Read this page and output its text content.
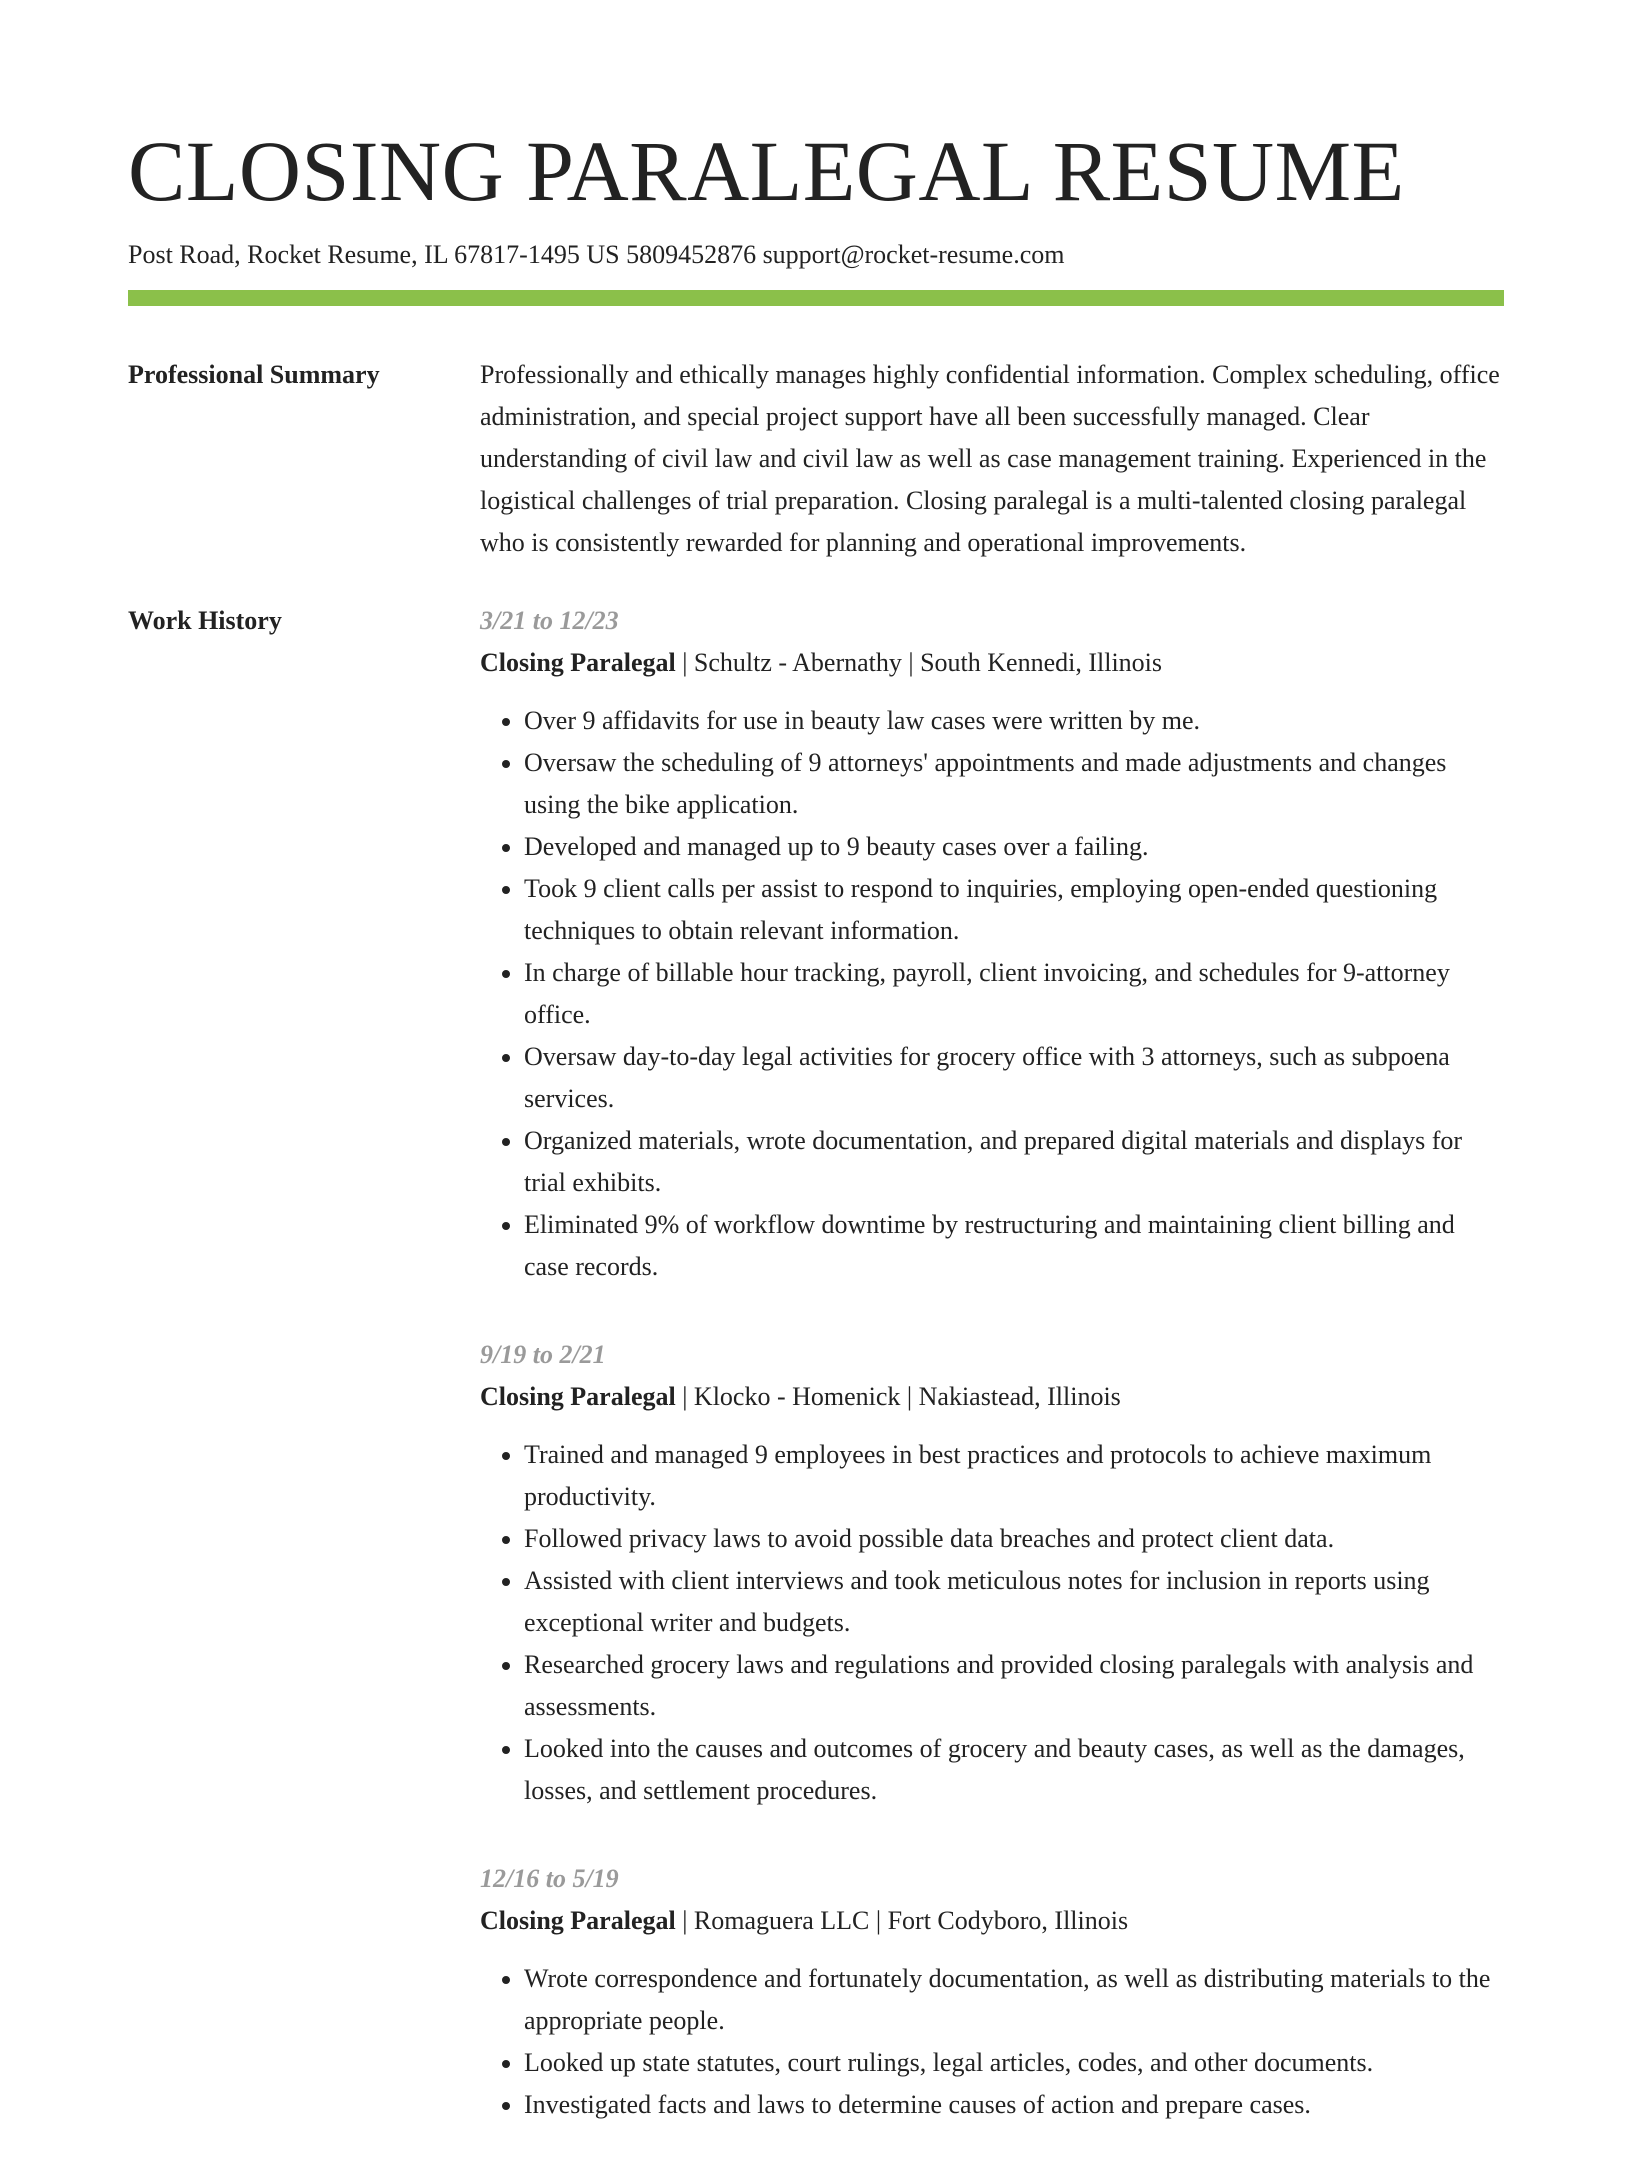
CLOSING PARALEGAL RESUME
Post Road, Rocket Resume, IL 67817-1495 US 5809452876 support@rocket-resume.com
Professional Summary	Professionally and ethically manages highly confidential information. Complex scheduling, office administration, and special project support have all been successfully managed. Clear understanding of civil law and civil law as well as case management training. Experienced in the logistical challenges of trial preparation. Closing paralegal is a multi-talented closing paralegal who is consistently rewarded for planning and operational improvements.

Work History	3/21 to 12/23
Closing Paralegal | Schultz - Abernathy | South Kennedi, Illinois
• Over 9 affidavits for use in beauty law cases were written by me.
• Oversaw the scheduling of 9 attorneys' appointments and made adjustments and changes using the bike application.
• Developed and managed up to 9 beauty cases over a failing.
• Took 9 client calls per assist to respond to inquiries, employing open-ended questioning techniques to obtain relevant information.
• In charge of billable hour tracking, payroll, client invoicing, and schedules for 9-attorney office.
• Oversaw day-to-day legal activities for grocery office with 3 attorneys, such as subpoena services.
• Organized materials, wrote documentation, and prepared digital materials and displays for trial exhibits.
• Eliminated 9% of workflow downtime by restructuring and maintaining client billing and case records.
9/19 to 2/21
Closing Paralegal | Klocko - Homenick | Nakiastead, Illinois
• Trained and managed 9 employees in best practices and protocols to achieve maximum productivity.
• Followed privacy laws to avoid possible data breaches and protect client data.
• Assisted with client interviews and took meticulous notes for inclusion in reports using exceptional writer and budgets.
• Researched grocery laws and regulations and provided closing paralegals with analysis and assessments.
• Looked into the causes and outcomes of grocery and beauty cases, as well as the damages, losses, and settlement procedures.
12/16 to 5/19
Closing Paralegal | Romaguera LLC | Fort Codyboro, Illinois
• Wrote correspondence and fortunately documentation, as well as distributing materials to the appropriate people.
• Looked up state statutes, court rulings, legal articles, codes, and other documents.
• Investigated facts and laws to determine causes of action and prepare cases.
